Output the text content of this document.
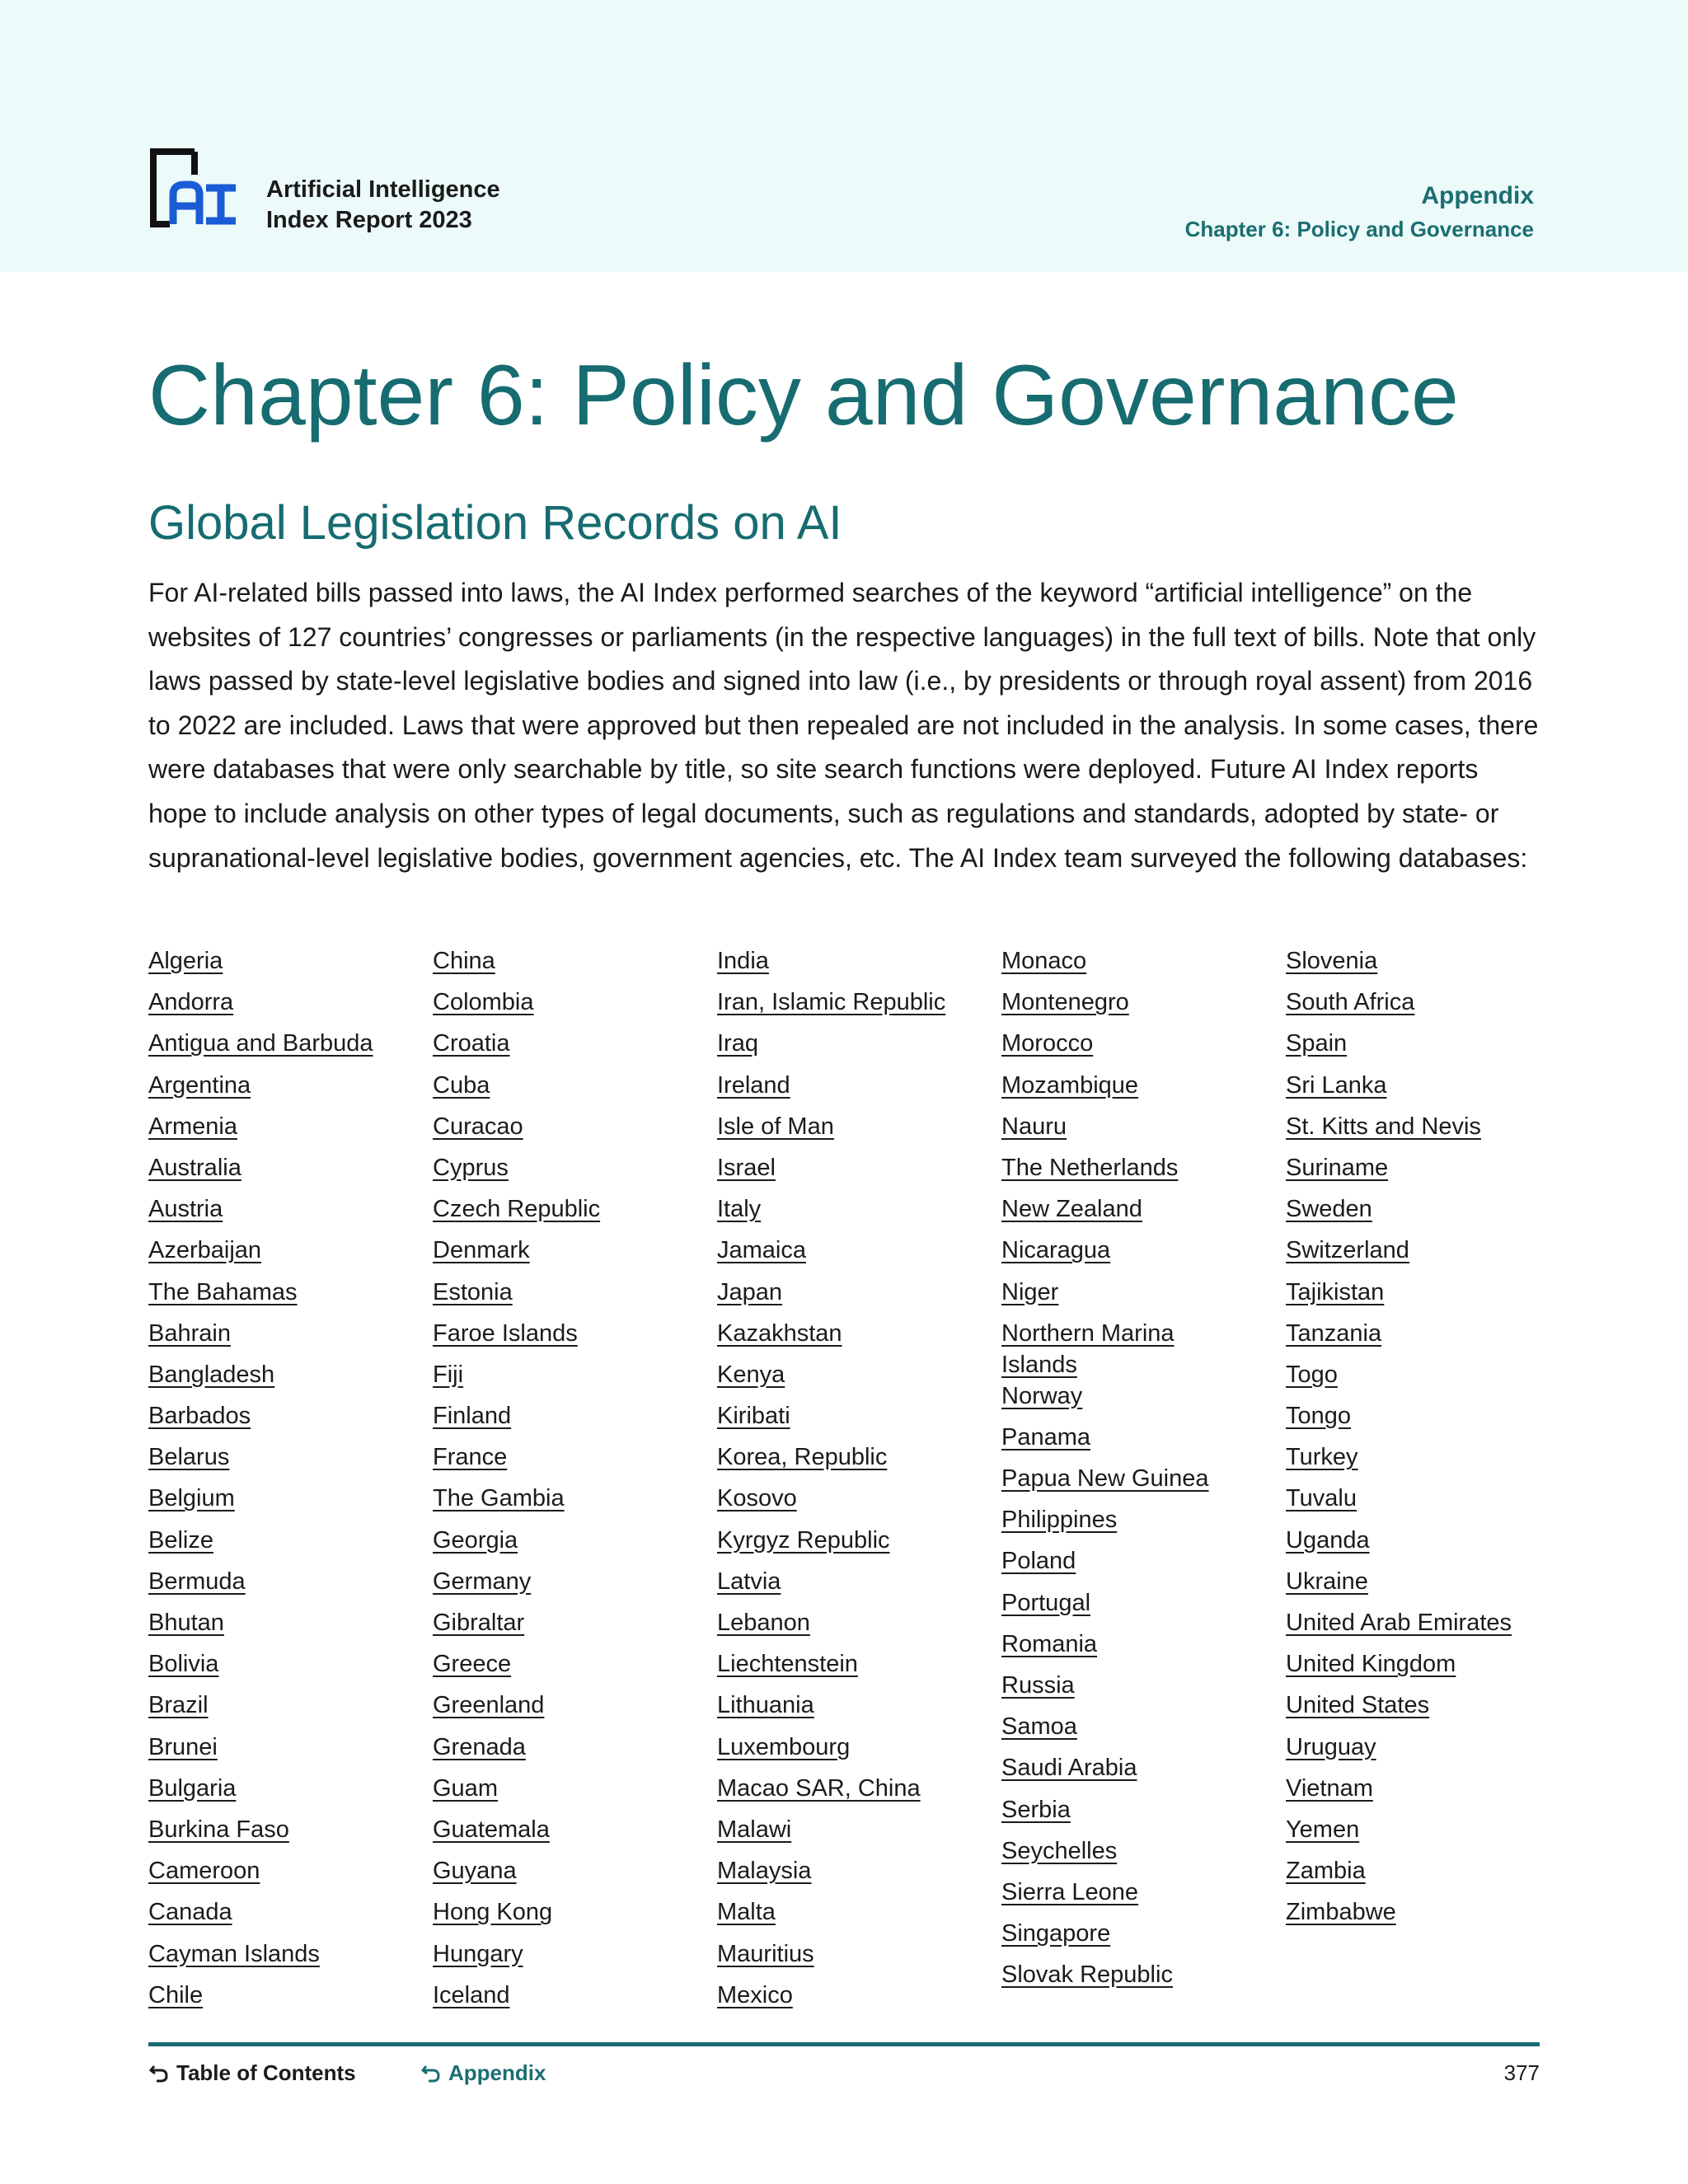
Artificial Intelligence
Index Report 2023
Appendix
Chapter 6: Policy and Governance
Chapter 6: Policy and Governance
Global Legislation Records on AI

For AI-related bills passed into laws, the AI Index performed searches of the keyword “artificial intelligence” on the websites of 127 countries’ congresses or parliaments (in the respective languages) in the full text of bills. Note that only laws passed by state-level legislative bodies and signed into law (i.e., by presidents or through royal assent) from 2016 to 2022 are included. Laws that were approved but then repealed are not included in the analysis. In some cases, there were databases that were only searchable by title, so site search functions were deployed. Future AI Index reports hope to include analysis on other types of legal documents, such as regulations and standards, adopted by state- or supranational-level legislative bodies, government agencies, etc. The AI Index team surveyed the following databases:

Algeria
Andorra
Antigua and Barbuda
Argentina
Armenia
Australia
Austria
Azerbaijan
The Bahamas
Bahrain
Bangladesh
Barbados
Belarus
Belgium
Belize
Bermuda
Bhutan
Bolivia
Brazil
Brunei
Bulgaria
Burkina Faso
Cameroon
Canada
Cayman Islands
Chile
China
Colombia
Croatia
Cuba
Curacao
Cyprus
Czech Republic
Denmark
Estonia
Faroe Islands
Fiji
Finland
France
The Gambia
Georgia
Germany
Gibraltar
Greece
Greenland
Grenada
Guam
Guatemala
Guyana
Hong Kong
Hungary
Iceland
India
Iran, Islamic Republic
Iraq
Ireland
Isle of Man
Israel
Italy
Jamaica
Japan
Kazakhstan
Kenya
Kiribati
Korea, Republic
Kosovo
Kyrgyz Republic
Latvia
Lebanon
Liechtenstein
Lithuania
Luxembourg
Macao SAR, China
Malawi
Malaysia
Malta
Mauritius
Mexico
Monaco
Montenegro
Morocco
Mozambique
Nauru
The Netherlands
New Zealand
Nicaragua
Niger
Northern Marina Islands
Norway
Panama
Papua New Guinea
Philippines
Poland
Portugal
Romania
Russia
Samoa
Saudi Arabia
Serbia
Seychelles
Sierra Leone
Singapore
Slovak Republic
Slovenia
South Africa
Spain
Sri Lanka
St. Kitts and Nevis
Suriname
Sweden
Switzerland
Tajikistan
Tanzania
Togo
Tongo
Turkey
Tuvalu
Uganda
Ukraine
United Arab Emirates
United Kingdom
United States
Uruguay
Vietnam
Yemen
Zambia
Zimbabwe
Table of Contents	Appendix	377
